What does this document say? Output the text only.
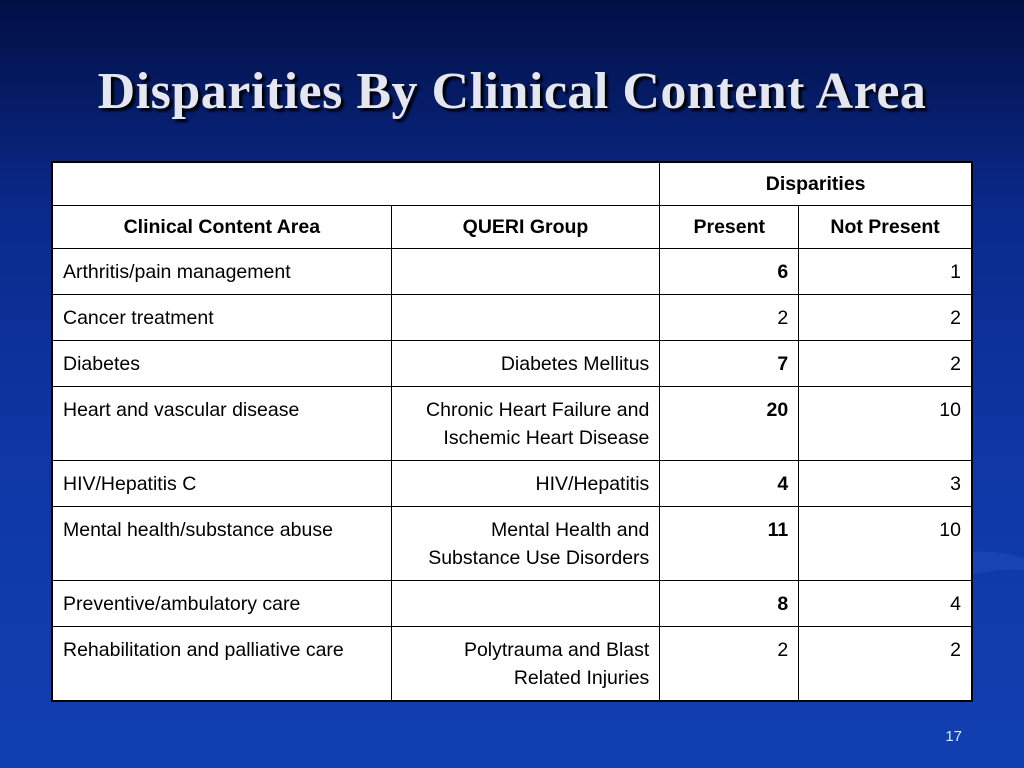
Disparities By Clinical Content Area
		Disparities	
Clinical Content Area	QUERI Group	Present	Not Present
Arthritis/pain management		6	1
Cancer treatment		2	2
Diabetes	Diabetes Mellitus	7	2
Heart and vascular disease	Chronic Heart Failure and Ischemic Heart Disease	20	10
HIV/Hepatitis C	HIV/Hepatitis	4	3
Mental health/substance abuse	Mental Health and Substance Use Disorders	11	10
Preventive/ambulatory care		8	4
Rehabilitation and palliative care	Polytrauma and Blast Related Injuries	2	2
17
